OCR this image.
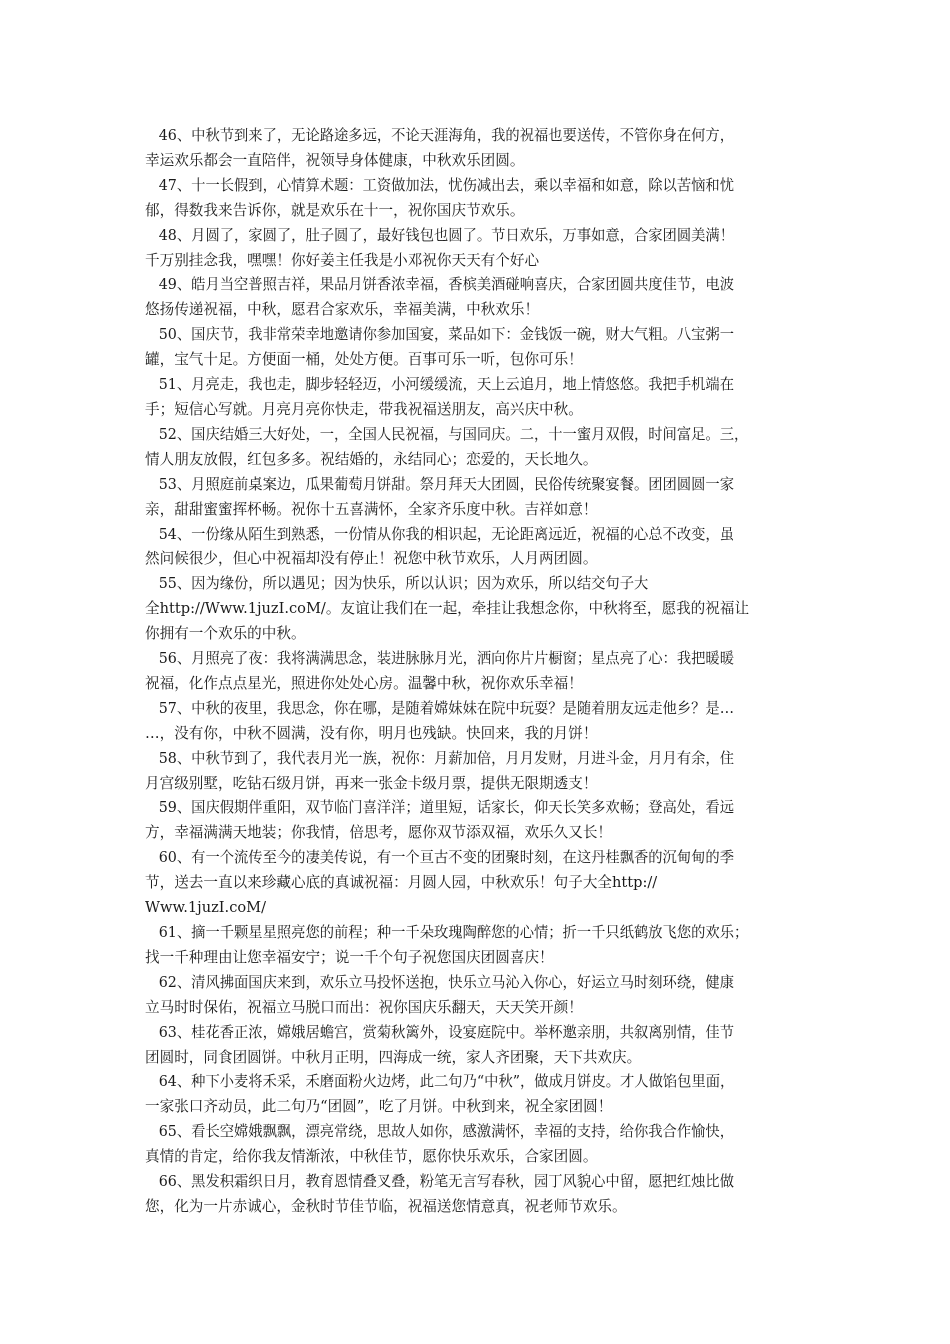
46、中秋节到来了，无论路途多远，不论天涯海角，我的祝福也要送传，不管你身在何方，
幸运欢乐都会一直陪伴，祝领导身体健康，中秋欢乐团圆。

47、十一长假到，心情算术题：工资做加法，忧伤减出去，乘以幸福和如意，除以苦恼和忧
郁，得数我来告诉你，就是欢乐在十一，祝你国庆节欢乐。

48、月圆了，家圆了，肚子圆了，最好钱包也圆了。节日欢乐，万事如意，合家团圆美满！
千万别挂念我，嘿嘿！你好姜主任我是小邓祝你天天有个好心

49、皓月当空普照吉祥，果品月饼香浓幸福，香槟美酒碰响喜庆，合家团圆共度佳节，电波
悠扬传递祝福，中秋，愿君合家欢乐，幸福美满，中秋欢乐！

50、国庆节，我非常荣幸地邀请你参加国宴，菜品如下：金钱饭一碗，财大气粗。八宝粥一
罐，宝气十足。方便面一桶，处处方便。百事可乐一听，包你可乐！

51、月亮走，我也走，脚步轻轻迈，小河缓缓流，天上云追月，地上情悠悠。我把手机端在
手；短信心写就。月亮月亮你快走，带我祝福送朋友，高兴庆中秋。

52、国庆结婚三大好处，一，全国人民祝福，与国同庆。二，十一蜜月双假，时间富足。三，
情人朋友放假，红包多多。祝结婚的，永结同心；恋爱的，天长地久。

53、月照庭前桌案边，瓜果葡萄月饼甜。祭月拜天大团圆，民俗传统聚宴餐。团团圆圆一家
亲，甜甜蜜蜜挥杯畅。祝你十五喜满怀，全家齐乐度中秋。吉祥如意！

54、一份缘从陌生到熟悉，一份情从你我的相识起，无论距离远近，祝福的心总不改变，虽
然问候很少，但心中祝福却没有停止！祝您中秋节欢乐，人月两团圆。

55、因为缘份，所以遇见；因为快乐，所以认识；因为欢乐，所以结交句子大
全http://Www.1juzI.coM/。友谊让我们在一起，牵挂让我想念你，中秋将至，愿我的祝福让
你拥有一个欢乐的中秋。

56、月照亮了夜：我将满满思念，装进脉脉月光，洒向你片片橱窗；星点亮了心：我把暖暖
祝福，化作点点星光，照进你处处心房。温馨中秋，祝你欢乐幸福！

57、中秋的夜里，我思念，你在哪，是随着嫦妹妹在院中玩耍？是随着朋友远走他乡？是…
…，没有你，中秋不圆满，没有你，明月也残缺。快回来，我的月饼！

58、中秋节到了，我代表月光一族，祝你：月薪加倍，月月发财，月进斗金，月月有余，住
月宫级别墅，吃钻石级月饼，再来一张金卡级月票，提供无限期透支！

59、国庆假期伴重阳，双节临门喜洋洋；道里短，话家长，仰天长笑多欢畅；登高处，看远
方，幸福满满天地装；你我情，倍思考，愿你双节添双福，欢乐久又长！

60、有一个流传至今的凄美传说，有一个亘古不变的团聚时刻，在这丹桂飘香的沉甸甸的季
节，送去一直以来珍藏心底的真诚祝福：月圆人园，中秋欢乐！句子大全http://
Www.1juzI.coM/

61、摘一千颗星星照亮您的前程；种一千朵玫瑰陶醉您的心情；折一千只纸鹤放飞您的欢乐；
找一千种理由让您幸福安宁；说一千个句子祝您国庆团圆喜庆！

62、清风拂面国庆来到，欢乐立马投怀送抱，快乐立马沁入你心，好运立马时刻环绕，健康
立马时时保佑，祝福立马脱口而出：祝你国庆乐翻天，天天笑开颜！

63、桂花香正浓，嫦娥居蟾宫，赏菊秋篱外，设宴庭院中。举杯邀亲朋，共叙离别情，佳节
团圆时，同食团圆饼。中秋月正明，四海成一统，家人齐团聚，天下共欢庆。

64、种下小麦将禾采，禾磨面粉火边烤，此二句乃“中秋”，做成月饼皮。才人做馅包里面，
一家张口齐动员，此二句乃“团圆”，吃了月饼。中秋到来，祝全家团圆！

65、看长空嫦娥飘飘，漂亮常绕，思故人如你，感激满怀，幸福的支持，给你我合作愉快，
真情的肯定，给你我友情渐浓，中秋佳节，愿你快乐欢乐，合家团圆。

66、黑发积霜织日月，教育恩情叠叉叠，粉笔无言写春秋，园丁风貌心中留，愿把红烛比做
您，化为一片赤诚心，金秋时节佳节临，祝福送您情意真，祝老师节欢乐。
